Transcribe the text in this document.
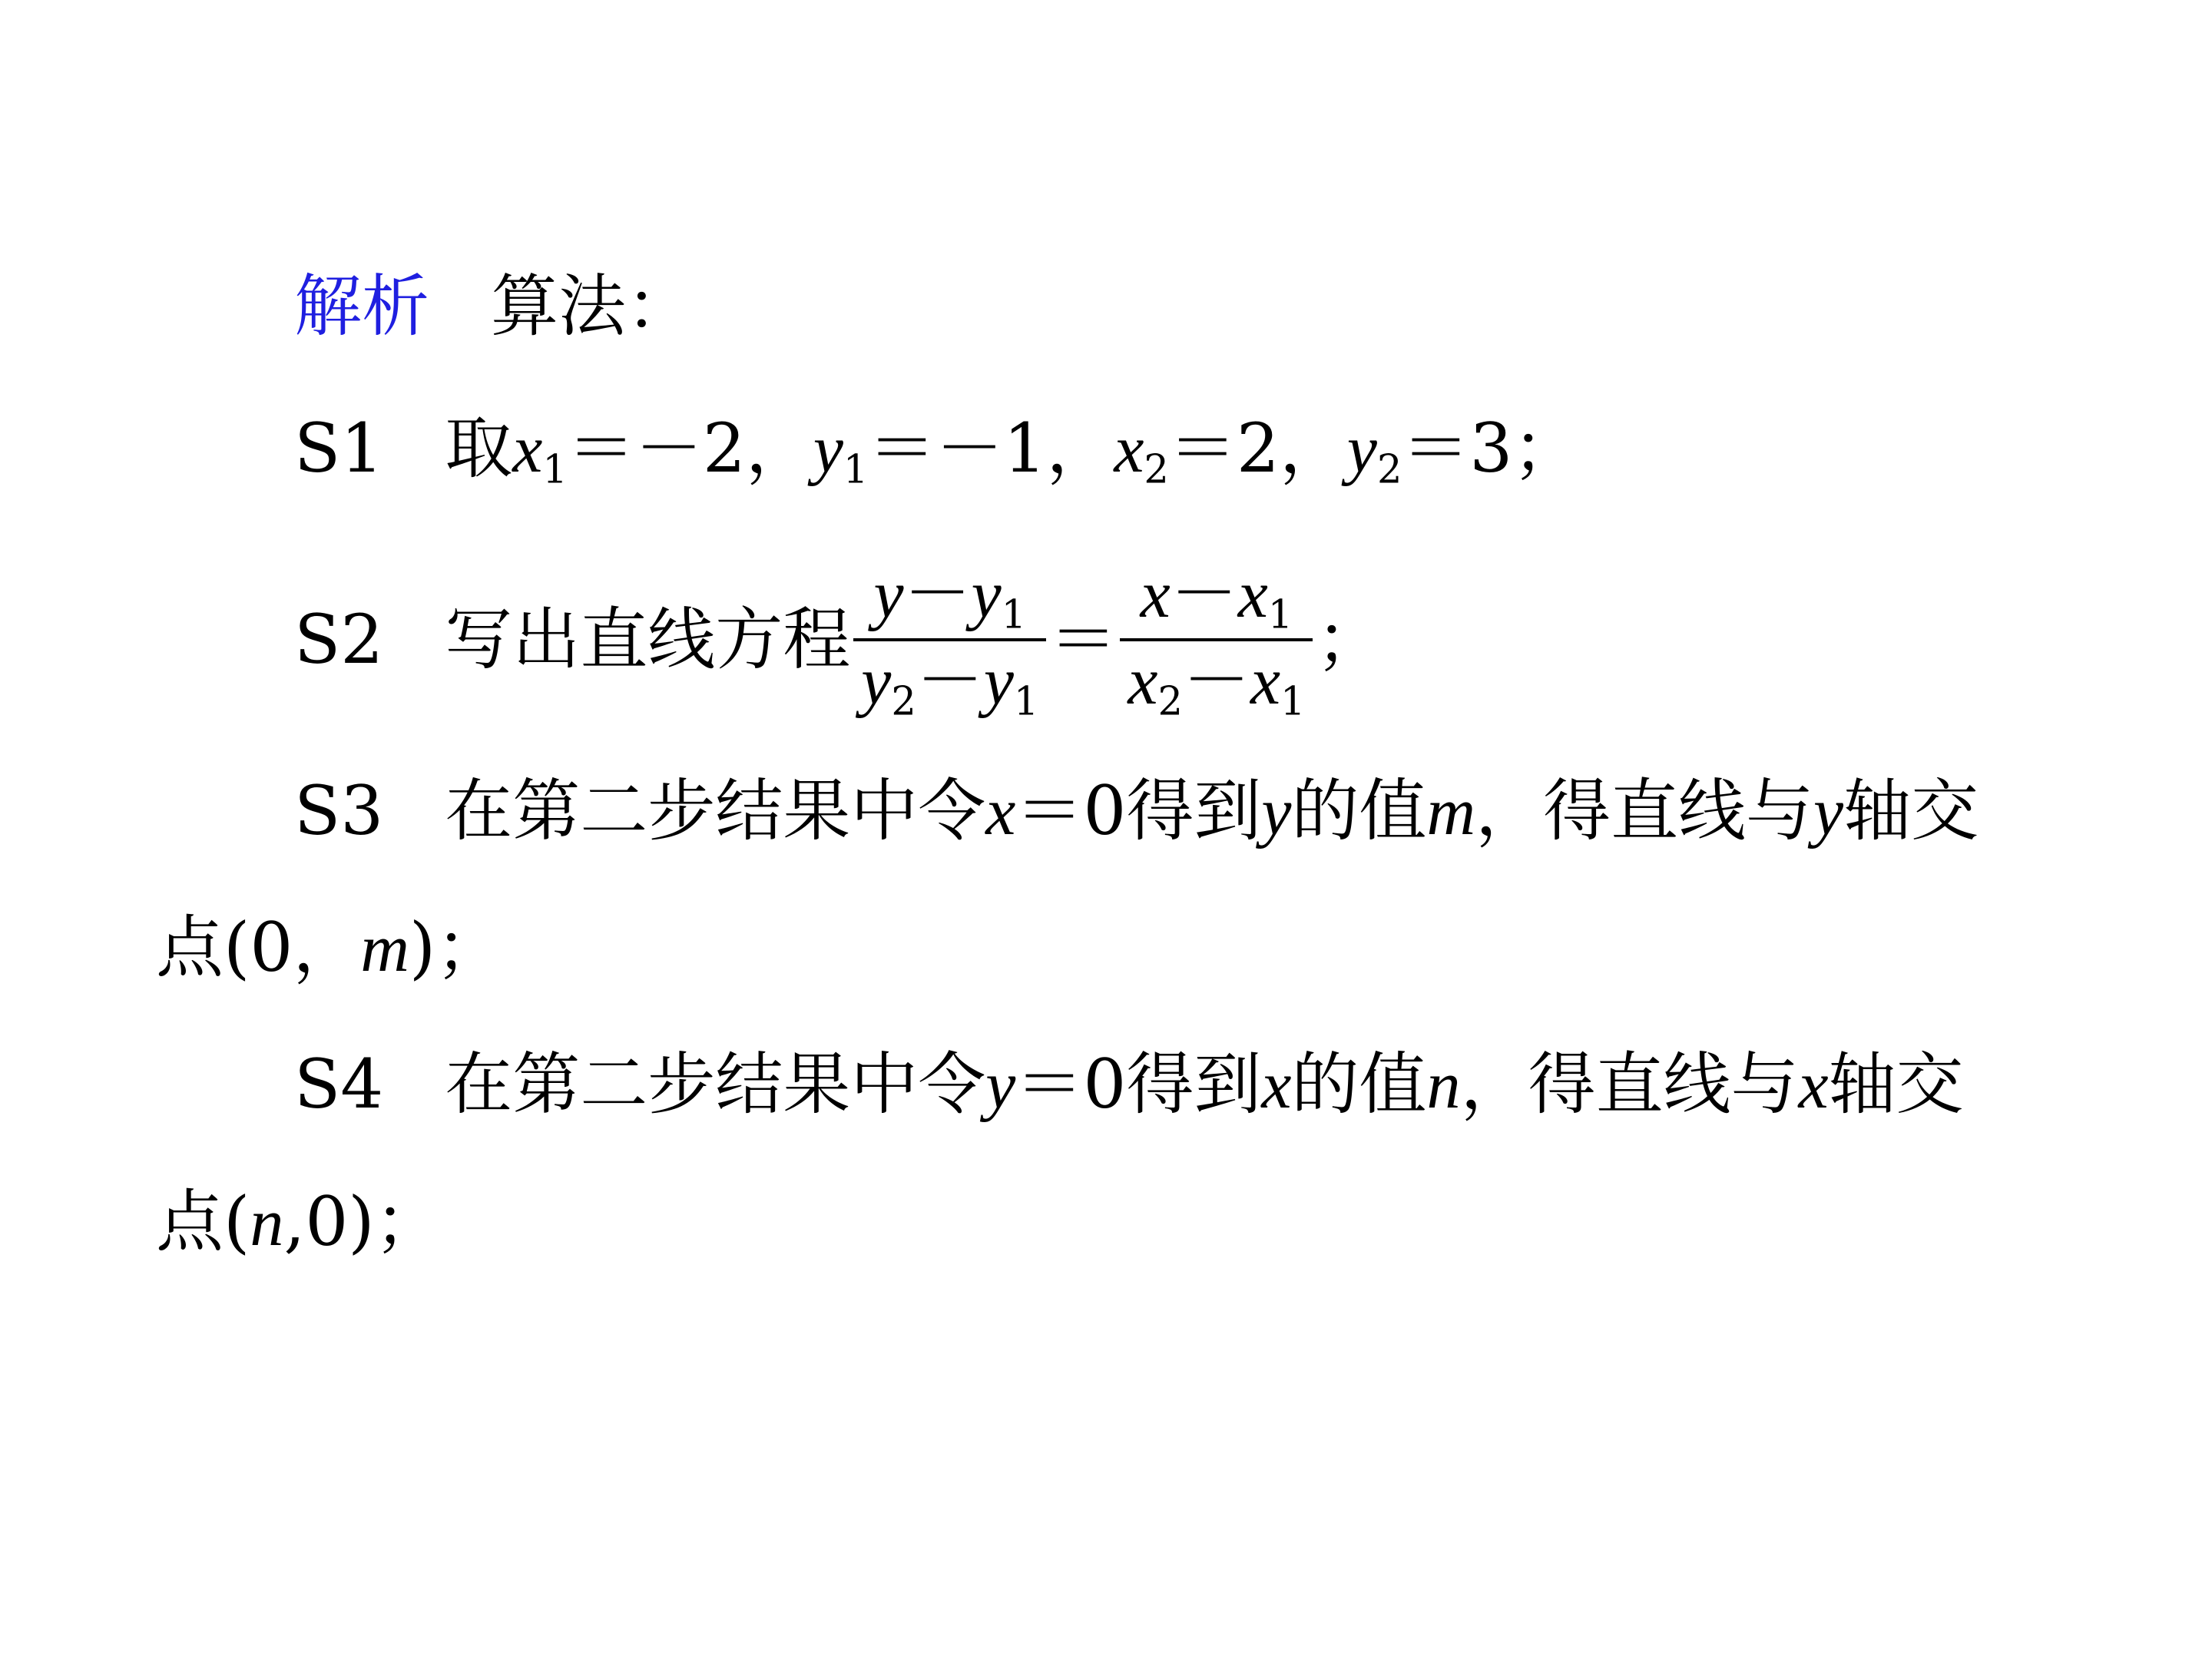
解析 算法：
S1 取$x_1=-2$，$y_1=-1$，$x_2=2$，$y_2=3$；
S2 写出直线方程 $\frac{y-y_1}{y_2-y_1} = \frac{x-x_1}{x_2-x_1}$ ；
S3 在第二步结果中令x＝0得到y的值m，得直线与y轴交
点(0，m)；
S4 在第二步结果中令y＝0得到x的值n，得直线与x轴交
点(n,0)；
